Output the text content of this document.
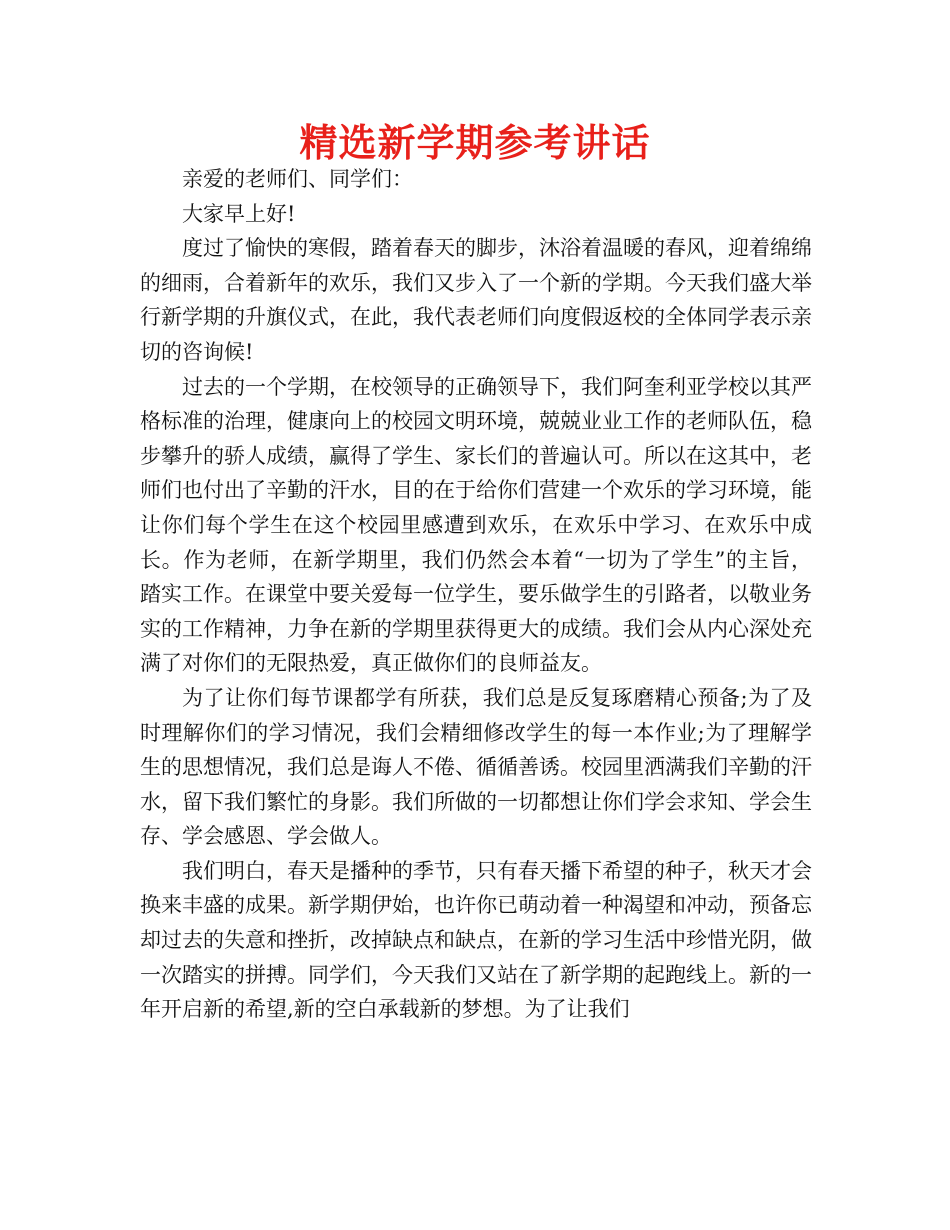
精选新学期参考讲话

亲爱的老师们、同学们：

大家早上好!

度过了愉快的寒假，踏着春天的脚步，沐浴着温暖的春风，迎着绵绵的细雨，合着新年的欢乐，我们又步入了一个新的学期。今天我们盛大举行新学期的升旗仪式，在此，我代表老师们向度假返校的全体同学表示亲切的咨询候!

过去的一个学期，在校领导的正确领导下，我们阿奎利亚学校以其严格标准的治理，健康向上的校园文明环境，兢兢业业工作的老师队伍，稳步攀升的骄人成绩，赢得了学生、家长们的普遍认可。所以在这其中，老师们也付出了辛勤的汗水，目的在于给你们营建一个欢乐的学习环境，能让你们每个学生在这个校园里感遭到欢乐，在欢乐中学习、在欢乐中成长。作为老师，在新学期里，我们仍然会本着“一切为了学生”的主旨，踏实工作。在课堂中要关爱每一位学生，要乐做学生的引路者，以敬业务实的工作精神，力争在新的学期里获得更大的成绩。我们会从内心深处充满了对你们的无限热爱，真正做你们的良师益友。

为了让你们每节课都学有所获，我们总是反复琢磨精心预备;为了及时理解你们的学习情况，我们会精细修改学生的每一本作业;为了理解学生的思想情况，我们总是诲人不倦、循循善诱。校园里洒满我们辛勤的汗水，留下我们繁忙的身影。我们所做的一切都想让你们学会求知、学会生存、学会感恩、学会做人。

我们明白，春天是播种的季节，只有春天播下希望的种子，秋天才会换来丰盛的成果。新学期伊始，也许你已萌动着一种渴望和冲动，预备忘却过去的失意和挫折，改掉缺点和缺点，在新的学习生活中珍惜光阴，做一次踏实的拼搏。同学们，今天我们又站在了新学期的起跑线上。新的一年开启新的希望,新的空白承载新的梦想。为了让我们
